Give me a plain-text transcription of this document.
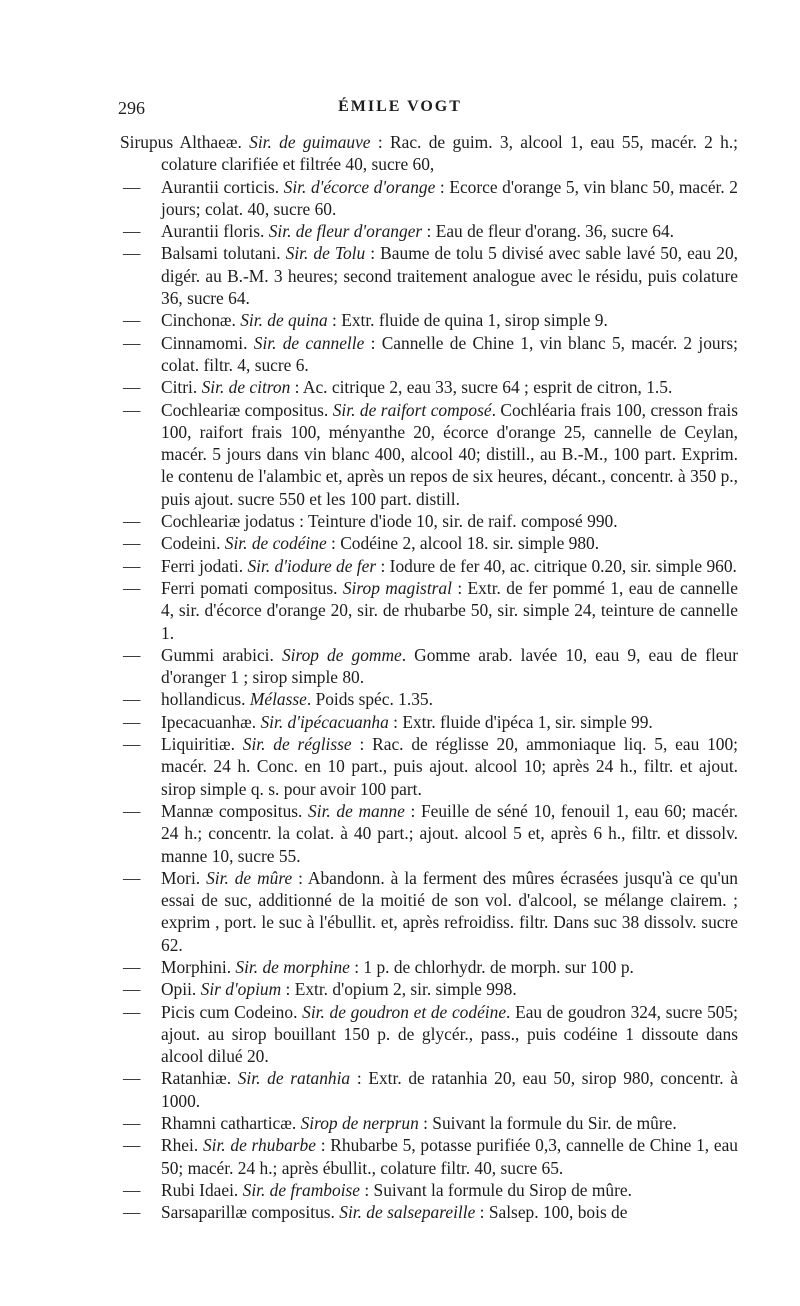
296	ÉMILE VOGT

Sirupus Althaeæ. Sir. de guimauve : Rac. de guim. 3, alcool 1, eau 55, macér. 2 h.; colature clarifiée et filtrée 40, sucre 60,

— Aurantii corticis. Sir. d'écorce d'orange : Ecorce d'orange 5, vin blanc 50, macér. 2 jours; colat. 40, sucre 60.

— Aurantii floris. Sir. de fleur d'oranger : Eau de fleur d'orang. 36, sucre 64.

— Balsami tolutani. Sir. de Tolu : Baume de tolu 5 divisé avec sable lavé 50, eau 20, digér. au B.-M. 3 heures; second traitement analogue avec le résidu, puis colature 36, sucre 64.

— Cinchonæ. Sir. de quina : Extr. fluide de quina 1, sirop simple 9.

— Cinnamomi. Sir. de cannelle : Cannelle de Chine 1, vin blanc 5, macér. 2 jours; colat. filtr. 4, sucre 6.

— Citri. Sir. de citron : Ac. citrique 2, eau 33, sucre 64 ; esprit de citron, 1.5.

— Cochleariæ compositus. Sir. de raifort composé. Cochléaria frais 100, cresson frais 100, raifort frais 100, ményanthe 20, écorce d'orange 25, cannelle de Ceylan, macér. 5 jours dans vin blanc 400, alcool 40; distill., au B.-M., 100 part. Exprim. le contenu de l'alambic et, après un repos de six heures, décant., concentr. à 350 p., puis ajout. sucre 550 et les 100 part. distill.

— Cochleariæ jodatus : Teinture d'iode 10, sir. de raif. composé 990.

— Codeini. Sir. de codéine : Codéine 2, alcool 18. sir. simple 980.

— Ferri jodati. Sir. d'iodure de fer : Iodure de fer 40, ac. citrique 0.20, sir. simple 960.

— Ferri pomati compositus. Sirop magistral : Extr. de fer pommé 1, eau de cannelle 4, sir. d'écorce d'orange 20, sir. de rhubarbe 50, sir. simple 24, teinture de cannelle 1.

— Gummi arabici. Sirop de gomme. Gomme arab. lavée 10, eau 9, eau de fleur d'oranger 1 ; sirop simple 80.

— hollandicus. Mélasse. Poids spéc. 1.35.

— Ipecacuanhæ. Sir. d'ipécacuanha : Extr. fluide d'ipéca 1, sir. simple 99.

— Liquiritiæ. Sir. de réglisse : Rac. de réglisse 20, ammoniaque liq. 5, eau 100; macér. 24 h. Conc. en 10 part., puis ajout. alcool 10; après 24 h., filtr. et ajout. sirop simple q. s. pour avoir 100 part.

— Mannæ compositus. Sir. de manne : Feuille de séné 10, fenouil 1, eau 60; macér. 24 h.; concentr. la colat. à 40 part.; ajout. alcool 5 et, après 6 h., filtr. et dissolv. manne 10, sucre 55.

— Mori. Sir. de mûre : Abandonn. à la ferment des mûres écrasées jusqu'à ce qu'un essai de suc, additionné de la moitié de son vol. d'alcool, se mélange clairem. ; exprim , port. le suc à l'ébullit. et, après refroidiss. filtr. Dans suc 38 dissolv. sucre 62.

— Morphini. Sir. de morphine : 1 p. de chlorhydr. de morph. sur 100 p.

— Opii. Sir d'opium : Extr. d'opium 2, sir. simple 998.

— Picis cum Codeino. Sir. de goudron et de codéine. Eau de goudron 324, sucre 505; ajout. au sirop bouillant 150 p. de glycér., pass., puis codéine 1 dissoute dans alcool dilué 20.

— Ratanhiæ. Sir. de ratanhia : Extr. de ratanhia 20, eau 50, sirop 980, concentr. à 1000.

— Rhamni catharticæ. Sirop de nerprun : Suivant la formule du Sir. de mûre.

— Rhei. Sir. de rhubarbe : Rhubarbe 5, potasse purifiée 0,3, cannelle de Chine 1, eau 50; macér. 24 h.; après ébullit., colature filtr. 40, sucre 65.

— Rubi Idaei. Sir. de framboise : Suivant la formule du Sirop de mûre.

— Sarsaparillæ compositus. Sir. de salsepareille : Salsep. 100, bois de
